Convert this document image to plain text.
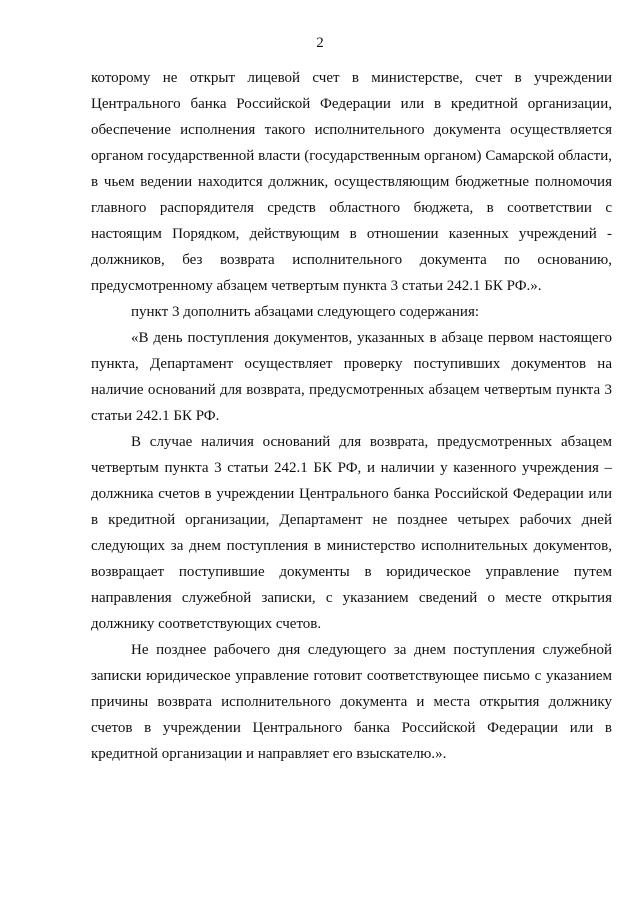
2

которому не открыт лицевой счет в министерстве, счет в учреждении Центрального банка Российской Федерации или в кредитной организации, обеспечение исполнения такого исполнительного документа осуществляется органом государственной власти (государственным органом) Самарской области, в чьем ведении находится должник, осуществляющим бюджетные полномочия главного распорядителя средств областного бюджета, в соответствии с настоящим Порядком, действующим в отношении казенных учреждений - должников, без возврата исполнительного документа по основанию, предусмотренному абзацем четвертым пункта 3 статьи 242.1 БК РФ.».

пункт 3 дополнить абзацами следующего содержания:

«В день поступления документов, указанных в абзаце первом настоящего пункта, Департамент осуществляет проверку поступивших документов на наличие оснований для возврата, предусмотренных абзацем четвертым пункта 3 статьи 242.1 БК РФ.

В случае наличия оснований для возврата, предусмотренных абзацем четвертым пункта 3 статьи 242.1 БК РФ, и наличии у казенного учреждения – должника счетов в учреждении Центрального банка Российской Федерации или в кредитной организации, Департамент не позднее четырех рабочих дней следующих за днем поступления в министерство исполнительных документов, возвращает поступившие документы в юридическое управление путем направления служебной записки, с указанием сведений о месте открытия должнику соответствующих счетов.

Не позднее рабочего дня следующего за днем поступления служебной записки юридическое управление готовит соответствующее письмо с указанием причины возврата исполнительного документа и места открытия должнику счетов в учреждении Центрального банка Российской Федерации или в кредитной организации и направляет его взыскателю.».
